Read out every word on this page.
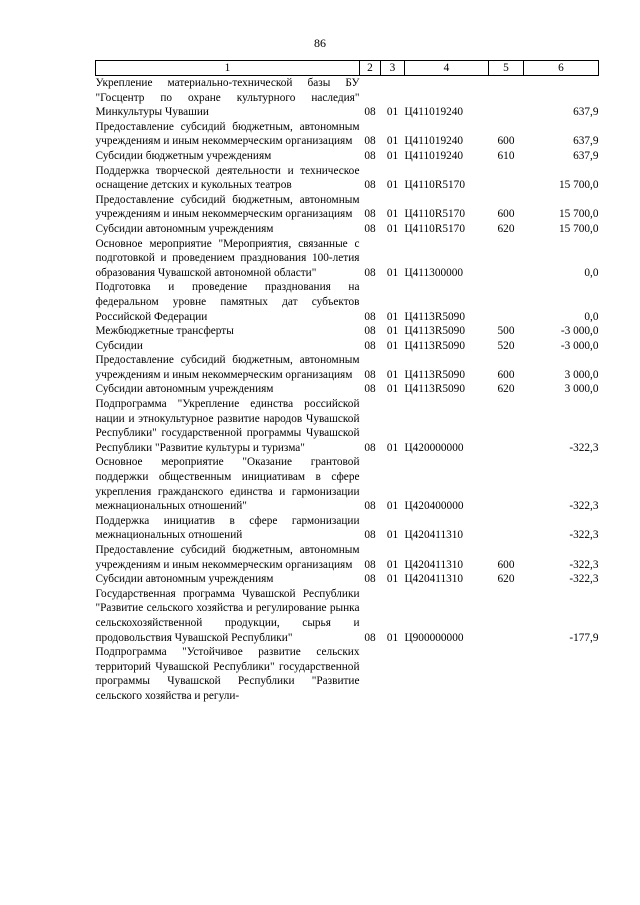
86
1	2	3	4	5	6
Укрепление материально-технической базы БУ "Госцентр по охране культурного наследия" Минкультуры Чувашии	08	01	Ц411019240		637,9
Предоставление субсидий бюджетным, автономным учреждениям и иным некоммерческим организациям	08	01	Ц411019240	600	637,9
Субсидии бюджетным учреждениям	08	01	Ц411019240	610	637,9
Поддержка творческой деятельности и техническое оснащение детских и кукольных театров	08	01	Ц4110R5170		15 700,0
Предоставление субсидий бюджетным, автономным учреждениям и иным некоммерческим организациям	08	01	Ц4110R5170	600	15 700,0
Субсидии автономным учреждениям	08	01	Ц4110R5170	620	15 700,0
Основное мероприятие "Мероприятия, связанные с подготовкой и проведением празднования 100-летия образования Чувашской автономной области"	08	01	Ц411300000		0,0
Подготовка и проведение празднования на федеральном уровне памятных дат субъектов Российской Федерации	08	01	Ц4113R5090		0,0
Межбюджетные трансферты	08	01	Ц4113R5090	500	-3 000,0
Субсидии	08	01	Ц4113R5090	520	-3 000,0
Предоставление субсидий бюджетным, автономным учреждениям и иным некоммерческим организациям	08	01	Ц4113R5090	600	3 000,0
Субсидии автономным учреждениям	08	01	Ц4113R5090	620	3 000,0
Подпрограмма "Укрепление единства российской нации и этнокультурное развитие народов Чувашской Республики" государственной программы Чувашской Республики "Развитие культуры и туризма"	08	01	Ц420000000		-322,3
Основное мероприятие "Оказание грантовой поддержки общественным инициативам в сфере укрепления гражданского единства и гармонизации межнациональных отношений"	08	01	Ц420400000		-322,3
Поддержка инициатив в сфере гармонизации межнациональных отношений	08	01	Ц420411310		-322,3
Предоставление субсидий бюджетным, автономным учреждениям и иным некоммерческим организациям	08	01	Ц420411310	600	-322,3
Субсидии автономным учреждениям	08	01	Ц420411310	620	-322,3
Государственная программа Чувашской Республики "Развитие сельского хозяйства и регулирование рынка сельскохозяйственной продукции, сырья и продовольствия Чувашской Республики"	08	01	Ц900000000		-177,9
Подпрограмма "Устойчивое развитие сельских территорий Чувашской Республики" государственной программы Чувашской Республики "Развитие сельского хозяйства и регули-					
